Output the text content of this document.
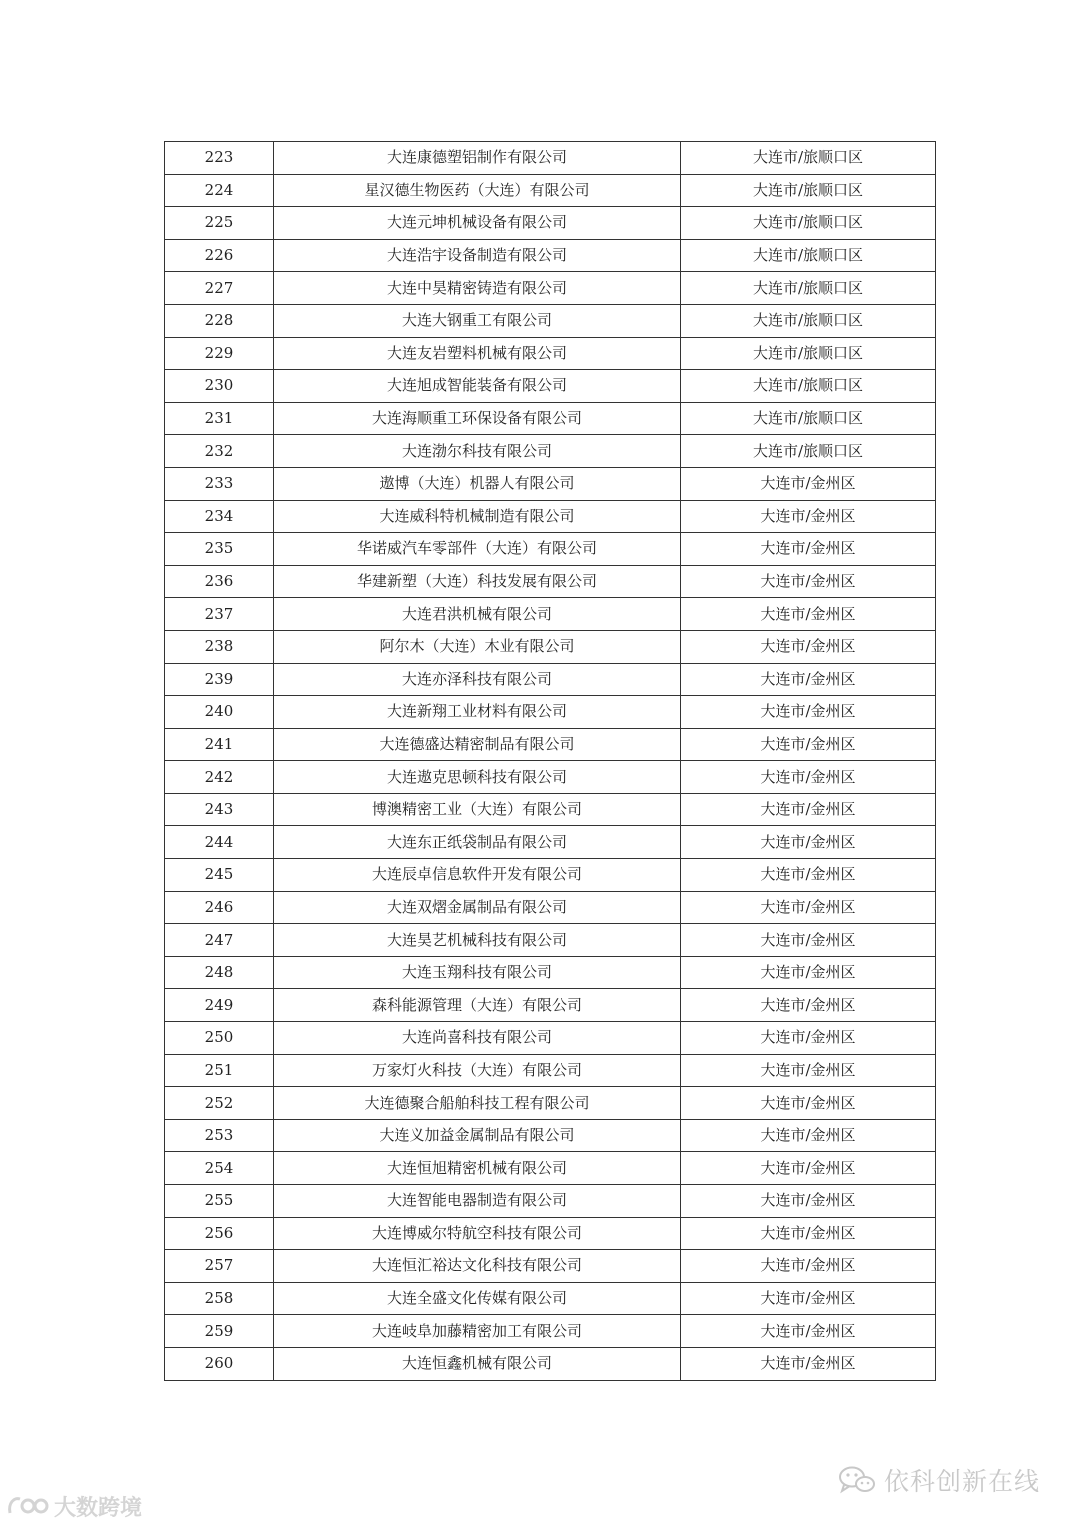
223	大连康德塑铝制作有限公司	大连市/旅顺口区
224	星汉德生物医药（大连）有限公司	大连市/旅顺口区
225	大连元坤机械设备有限公司	大连市/旅顺口区
226	大连浩宇设备制造有限公司	大连市/旅顺口区
227	大连中昊精密铸造有限公司	大连市/旅顺口区
228	大连大钢重工有限公司	大连市/旅顺口区
229	大连友岩塑料机械有限公司	大连市/旅顺口区
230	大连旭成智能装备有限公司	大连市/旅顺口区
231	大连海顺重工环保设备有限公司	大连市/旅顺口区
232	大连渤尔科技有限公司	大连市/旅顺口区
233	遨博（大连）机器人有限公司	大连市/金州区
234	大连威科特机械制造有限公司	大连市/金州区
235	华诺威汽车零部件（大连）有限公司	大连市/金州区
236	华建新塑（大连）科技发展有限公司	大连市/金州区
237	大连君洪机械有限公司	大连市/金州区
238	阿尔木（大连）木业有限公司	大连市/金州区
239	大连亦泽科技有限公司	大连市/金州区
240	大连新翔工业材料有限公司	大连市/金州区
241	大连德盛达精密制品有限公司	大连市/金州区
242	大连遨克思顿科技有限公司	大连市/金州区
243	博澳精密工业（大连）有限公司	大连市/金州区
244	大连东正纸袋制品有限公司	大连市/金州区
245	大连辰卓信息软件开发有限公司	大连市/金州区
246	大连双熠金属制品有限公司	大连市/金州区
247	大连昊艺机械科技有限公司	大连市/金州区
248	大连玉翔科技有限公司	大连市/金州区
249	森科能源管理（大连）有限公司	大连市/金州区
250	大连尚喜科技有限公司	大连市/金州区
251	万家灯火科技（大连）有限公司	大连市/金州区
252	大连德聚合船舶科技工程有限公司	大连市/金州区
253	大连义加益金属制品有限公司	大连市/金州区
254	大连恒旭精密机械有限公司	大连市/金州区
255	大连智能电器制造有限公司	大连市/金州区
256	大连博威尔特航空科技有限公司	大连市/金州区
257	大连恒汇裕达文化科技有限公司	大连市/金州区
258	大连全盛文化传媒有限公司	大连市/金州区
259	大连岐阜加藤精密加工有限公司	大连市/金州区
260	大连恒鑫机械有限公司	大连市/金州区
依科创新在线
大数跨境
